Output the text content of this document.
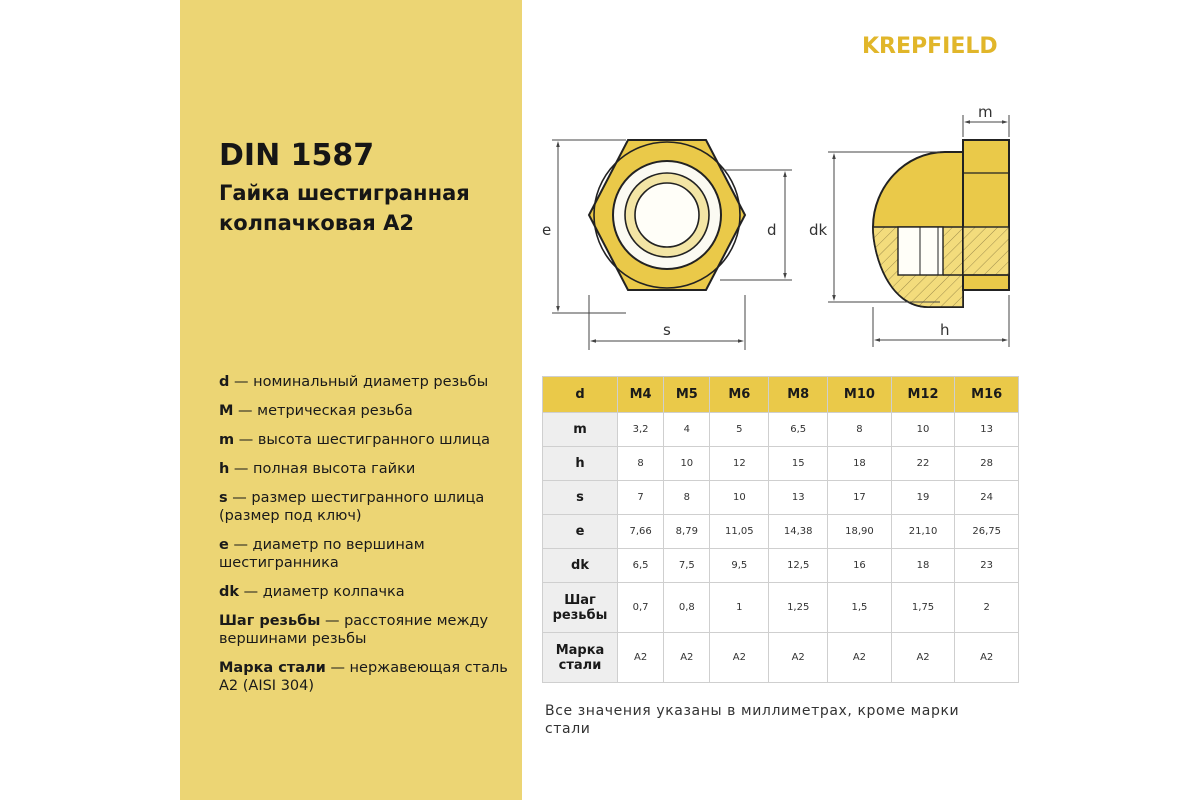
KREPFIELD
DIN 1587
Гайка шестигранная колпачковая A2
d — номинальный диаметр резьбы
M — метрическая резьба
m — высота шестигранного шлица
h — полная высота гайки
s — размер шестигранного шлица (размер под ключ)
e — диаметр по вершинам шестигранника
dk — диаметр колпачка
Шаг резьбы — расстояние между вершинами резьбы
Марка стали — нержавеющая сталь A2 (AISI 304)
e	d
s
m
dk
h
d	M4	M5	M6	M8	M10	M12	M16
m	3,2	4	5	6,5	8	10	13
h	8	10	12	15	18	22	28
s	7	8	10	13	17	19	24
e	7,66	8,79	11,05	14,38	18,90	21,10	26,75
dk	6,5	7,5	9,5	12,5	16	18	23
Шаг резьбы	0,7	0,8	1	1,25	1,5	1,75	2
Марка стали	A2	A2	A2	A2	A2	A2	A2
Все значения указаны в миллиметрах, кроме марки стали
